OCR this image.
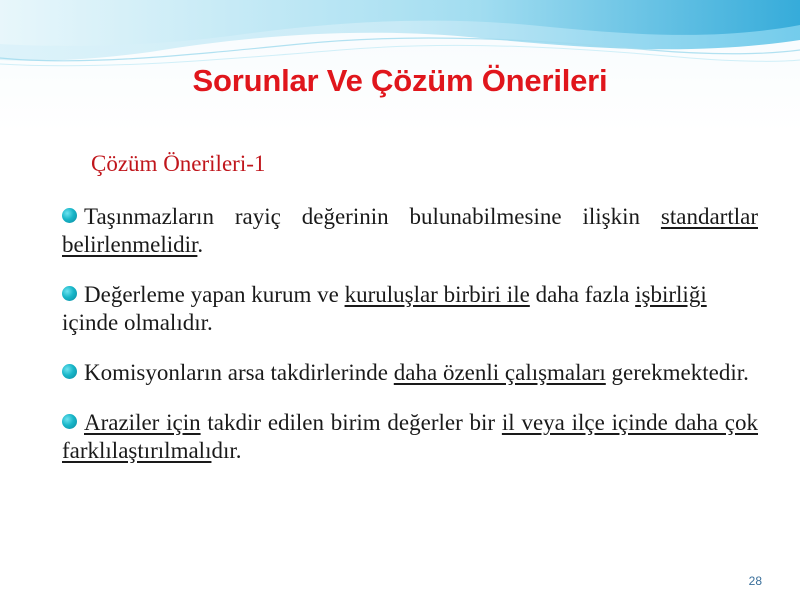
Sorunlar Ve Çözüm Önerileri
Çözüm Önerileri-1
Taşınmazların rayiç değerinin bulunabilmesine ilişkin standartlar belirlenmelidir.
Değerleme yapan kurum ve kuruluşlar birbiri ile daha fazla işbirliği içinde olmalıdır.
Komisyonların arsa takdirlerinde daha özenli çalışmaları gerekmektedir.
Araziler için takdir edilen birim değerler bir il veya ilçe içinde daha çok farklılaştırılmalıdır.
28
